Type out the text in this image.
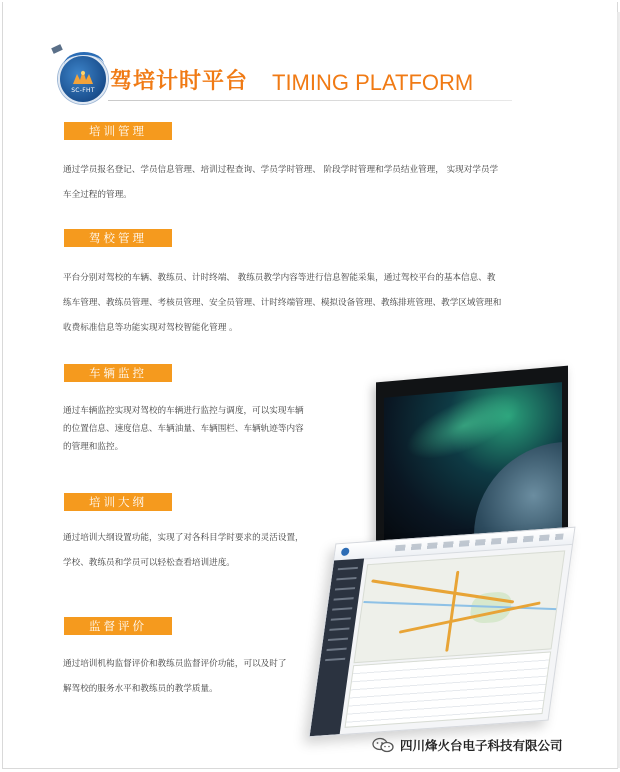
SC-FHT 驾培计时平台 TIMING PLATFORM
培训管理
通过学员报名登记、学员信息管理、培训过程查询、学员学时管理、 阶段学时管理和学员结业管理， 实现对学员学
车全过程的管理。
驾校管理
平台分别对驾校的车辆、教练员、计时终端、 教练员教学内容等进行信息智能采集，通过驾校平台的基本信息、教
练车管理、教练员管理、考核员管理、安全员管理、计时终端管理、模拟设备管理、教练排班管理、教学区域管理和
收费标准信息等功能实现对驾校智能化管理 。
车辆监控
通过车辆监控实现对驾校的车辆进行监控与调度，可以实现车辆
的位置信息、速度信息、车辆油量、车辆围栏、车辆轨迹等内容
的管理和监控。
培训大纲
通过培训大纲设置功能，实现了对各科目学时要求的灵活设置，
学校、教练员和学员可以轻松查看培训进度。
监督评价
通过培训机构监督评价和教练员监督评价功能，可以及时了
解驾校的服务水平和教练员的教学质量。
四川烽火台电子科技有限公司
